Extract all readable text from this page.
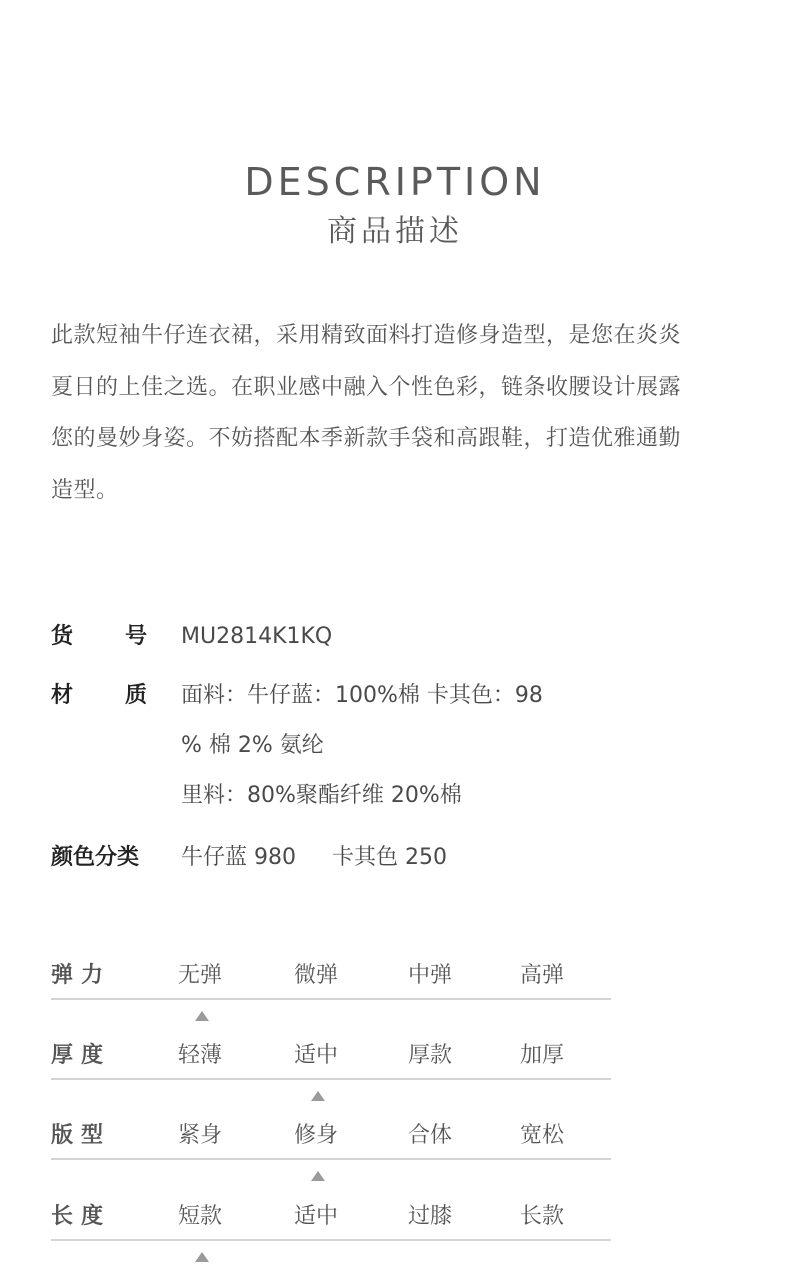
DESCRIPTION
商品描述

此款短袖牛仔连衣裙，采用精致面料打造修身造型，是您在炎炎
夏日的上佳之选。在职业感中融入个性色彩，链条收腰设计展露
您的曼妙身姿。不妨搭配本季新款手袋和高跟鞋，打造优雅通勤
造型。

货 号 MU2814K1KQ
材 质 面料：牛仔蓝：100%棉 卡其色：98
% 棉 2% 氨纶
里料：80%聚酯纤维 20%棉
颜色分类 牛仔蓝 980　  卡其色 250
弹力	无弹	微弹	中弹	高弹
厚度	轻薄	适中	厚款	加厚
版型	紧身	修身	合体	宽松
长度	短款	适中	过膝	长款
